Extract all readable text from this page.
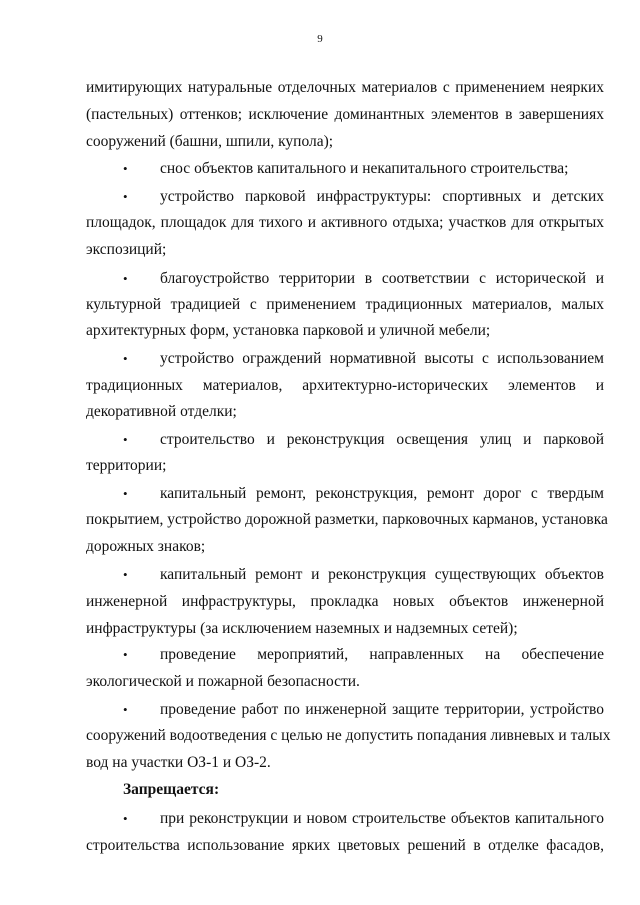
9
имитирующих натуральные отделочных материалов с применением неярких
(пастельных) оттенков; исключение доминантных элементов в завершениях
сооружений (башни, шпили, купола);
• снос объектов капитального и некапитального строительства;
• устройство парковой инфраструктуры: спортивных и детских
площадок, площадок для тихого и активного отдыха; участков для открытых
экспозиций;
• благоустройство территории в соответствии с исторической и
культурной традицией с применением традиционных материалов, малых
архитектурных форм, установка парковой и уличной мебели;
• устройство ограждений нормативной высоты с использованием
традиционных материалов, архитектурно-исторических элементов и
декоративной отделки;
• строительство и реконструкция освещения улиц и парковой
территории;
• капитальный ремонт, реконструкция, ремонт дорог с твердым
покрытием, устройство дорожной разметки, парковочных карманов, установка
дорожных знаков;
• капитальный ремонт и реконструкция существующих объектов
инженерной инфраструктуры, прокладка новых объектов инженерной
инфраструктуры (за исключением наземных и надземных сетей);
• проведение мероприятий, направленных на обеспечение
экологической и пожарной безопасности.
• проведение работ по инженерной защите территории, устройство
сооружений водоотведения с целью не допустить попадания ливневых и талых
вод на участки ОЗ-1 и ОЗ-2.
Запрещается:
• при реконструкции и новом строительстве объектов капитального
строительства использование ярких цветовых решений в отделке фасадов,
